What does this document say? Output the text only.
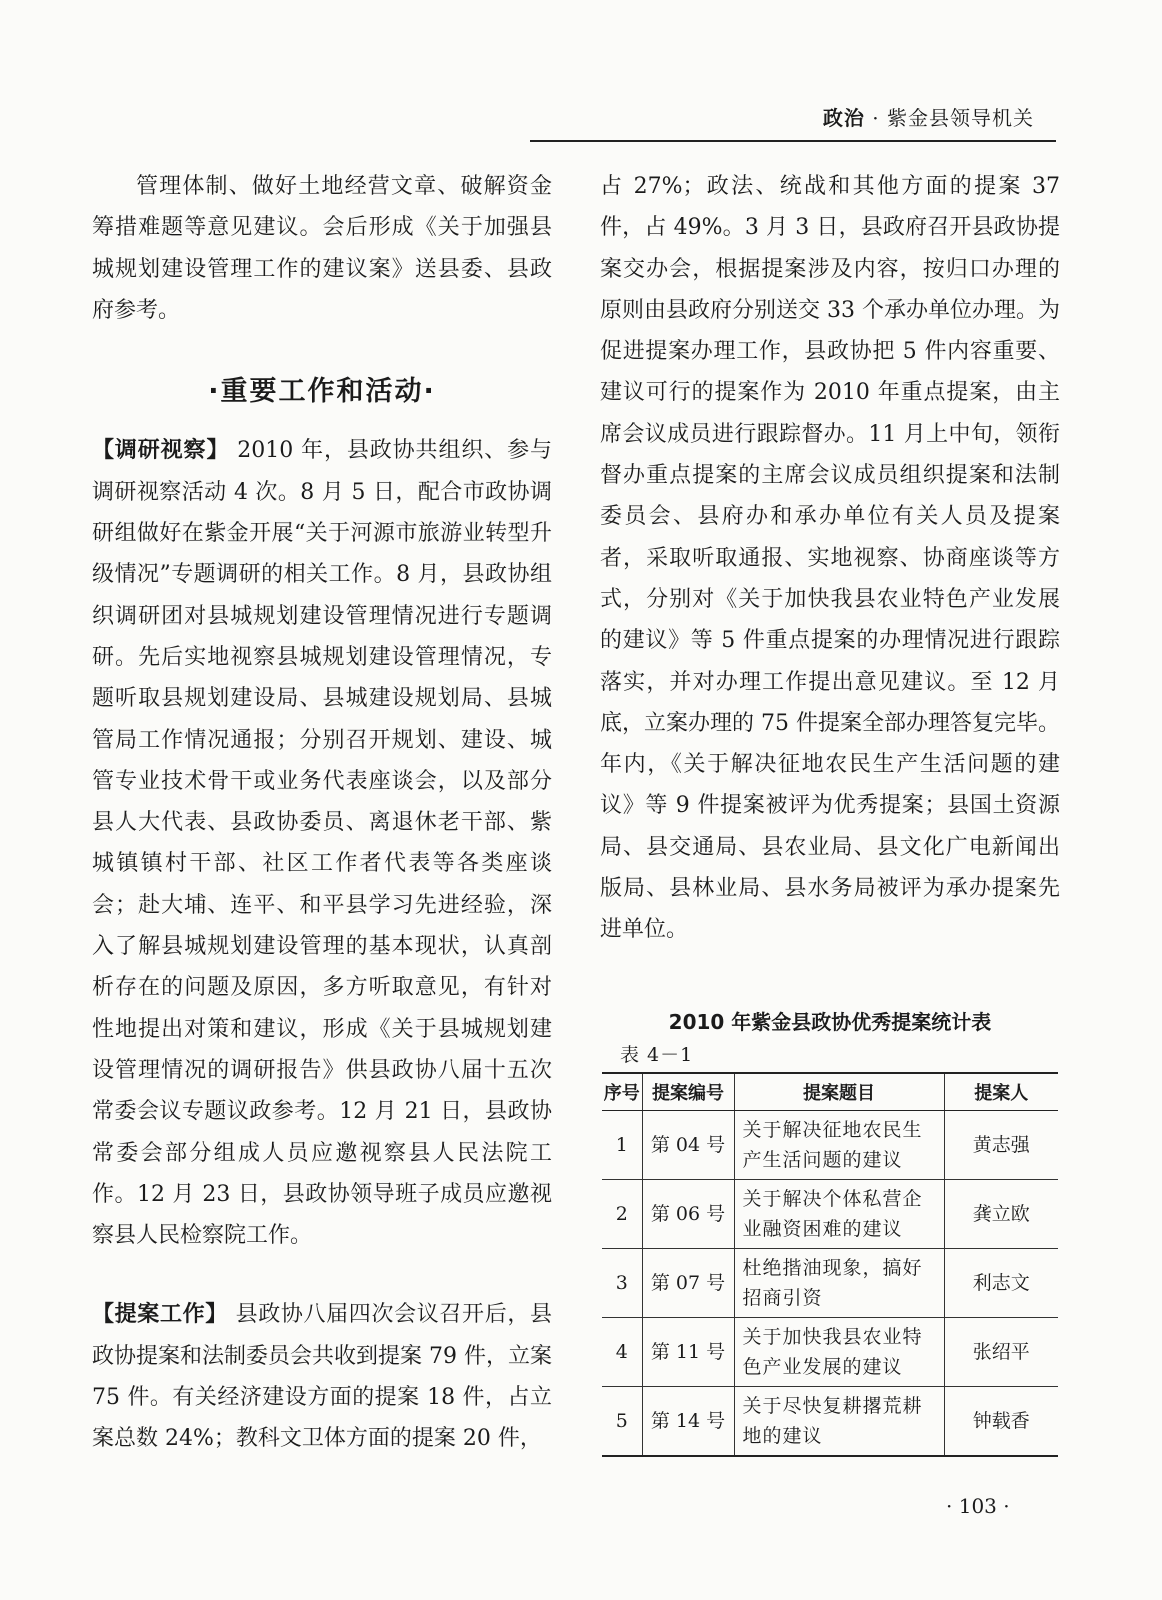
政治 · 紫金县领导机关

管理体制、做好土地经营文章、破解资金筹措难题等意见建议。会后形成《关于加强县城规划建设管理工作的建议案》送县委、县政府参考。

·重要工作和活动·

【调研视察】 2010 年，县政协共组织、参与调研视察活动 4 次。8 月 5 日，配合市政协调研组做好在紫金开展“关于河源市旅游业转型升级情况”专题调研的相关工作。8 月，县政协组织调研团对县城规划建设管理情况进行专题调研。先后实地视察县城规划建设管理情况，专题听取县规划建设局、县城建设规划局、县城管局工作情况通报；分别召开规划、建设、城管专业技术骨干或业务代表座谈会，以及部分县人大代表、县政协委员、离退休老干部、紫城镇镇村干部、社区工作者代表等各类座谈会；赴大埔、连平、和平县学习先进经验，深入了解县城规划建设管理的基本现状，认真剖析存在的问题及原因，多方听取意见，有针对性地提出对策和建议，形成《关于县城规划建设管理情况的调研报告》供县政协八届十五次常委会议专题议政参考。12 月 21 日，县政协常委会部分组成人员应邀视察县人民法院工作。12 月 23 日，县政协领导班子成员应邀视察县人民检察院工作。

【提案工作】 县政协八届四次会议召开后，县政协提案和法制委员会共收到提案 79 件，立案 75 件。有关经济建设方面的提案 18 件，占立案总数 24%；教科文卫体方面的提案 20 件，

占 27%；政法、统战和其他方面的提案 37 件，占 49%。3 月 3 日，县政府召开县政协提案交办会，根据提案涉及内容，按归口办理的原则由县政府分别送交 33 个承办单位办理。为促进提案办理工作，县政协把 5 件内容重要、建议可行的提案作为 2010 年重点提案，由主席会议成员进行跟踪督办。11 月上中旬，领衔督办重点提案的主席会议成员组织提案和法制委员会、县府办和承办单位有关人员及提案者，采取听取通报、实地视察、协商座谈等方式，分别对《关于加快我县农业特色产业发展的建议》等 5 件重点提案的办理情况进行跟踪落实，并对办理工作提出意见建议。至 12 月底，立案办理的 75 件提案全部办理答复完毕。年内，《关于解决征地农民生产生活问题的建议》等 9 件提案被评为优秀提案；县国土资源局、县交通局、县农业局、县文化广电新闻出版局、县林业局、县水务局被评为承办提案先进单位。

2010 年紫金县政协优秀提案统计表
表 4－1
序号	提案编号	提案题目	提案人
1	第 04 号	关于解决征地农民生产生活问题的建议	黄志强
2	第 06 号	关于解决个体私营企业融资困难的建议	龚立欧
3	第 07 号	杜绝揩油现象，搞好招商引资	利志文
4	第 11 号	关于加快我县农业特色产业发展的建议	张绍平
5	第 14 号	关于尽快复耕撂荒耕地的建议	钟载香
· 103 ·
